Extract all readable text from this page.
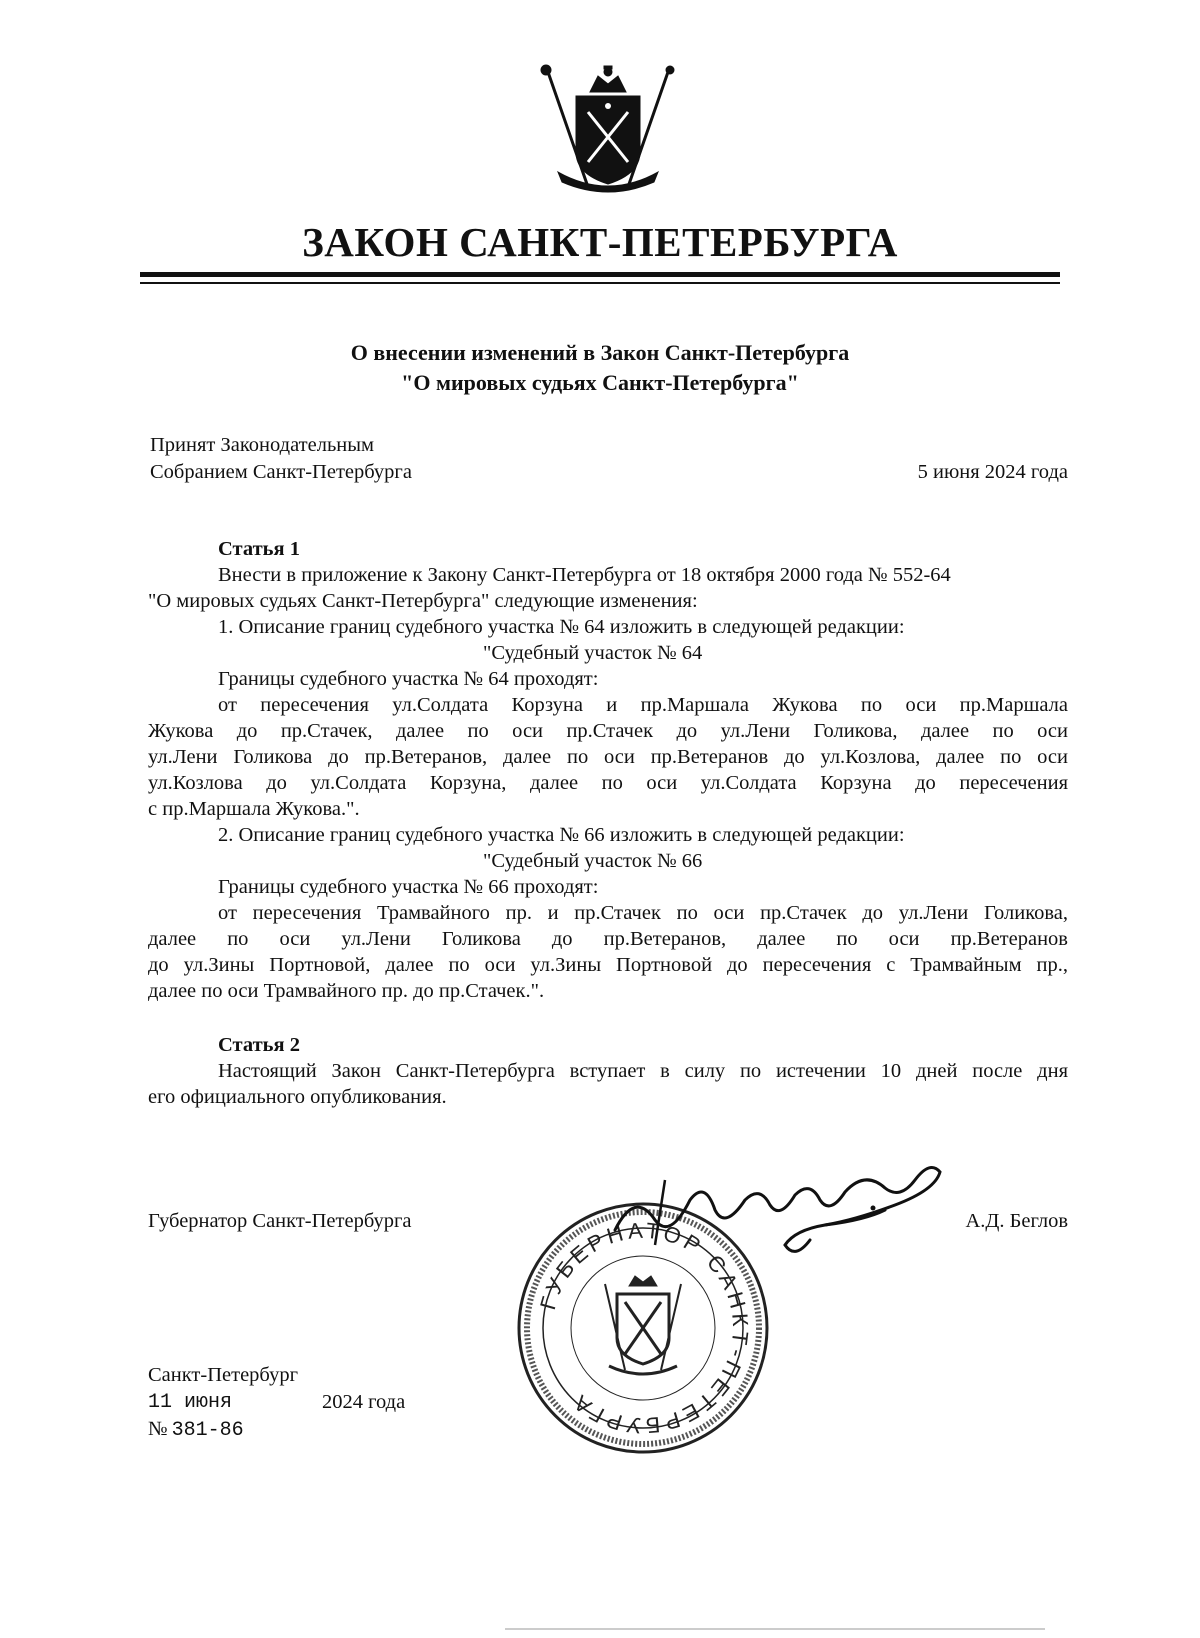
ЗАКОН САНКТ-ПЕТЕРБУРГА
О внесении изменений в Закон Санкт-Петербурга
"О мировых судьях Санкт-Петербурга"
Принят Законодательным
Собранием Санкт-Петербурга	5 июня 2024 года
Статья 1
Внести в приложение к Закону Санкт-Петербурга от 18 октября 2000 года № 552-64
"О мировых судьях Санкт-Петербурга" следующие изменения:
1. Описание границ судебного участка № 64 изложить в следующей редакции:
"Судебный участок № 64
Границы судебного участка № 64 проходят:
от пересечения ул.Солдата Корзуна и пр.Маршала Жукова по оси пр.Маршала
Жукова до пр.Стачек, далее по оси пр.Стачек до ул.Лени Голикова, далее по оси
ул.Лени Голикова до пр.Ветеранов, далее по оси пр.Ветеранов до ул.Козлова, далее по оси
ул.Козлова до ул.Солдата Корзуна, далее по оси ул.Солдата Корзуна до пересечения
с пр.Маршала Жукова.".
2. Описание границ судебного участка № 66 изложить в следующей редакции:
"Судебный участок № 66
Границы судебного участка № 66 проходят:
от пересечения Трамвайного пр. и пр.Стачек по оси пр.Стачек до ул.Лени Голикова,
далее по оси ул.Лени Голикова до пр.Ветеранов, далее по оси пр.Ветеранов
до ул.Зины Портновой, далее по оси ул.Зины Портновой до пересечения с Трамвайным пр.,
далее по оси Трамвайного пр. до пр.Стачек.".
Статья 2
Настоящий Закон Санкт-Петербурга вступает в силу по истечении 10 дней после дня
его официального опубликования.
Губернатор Санкт-Петербурга	А.Д. Беглов
ГУБЕРНАТОР САНКТ-ПЕТЕРБУРГА
Санкт-Петербург
11 июня	2024 года
№ 381-86
